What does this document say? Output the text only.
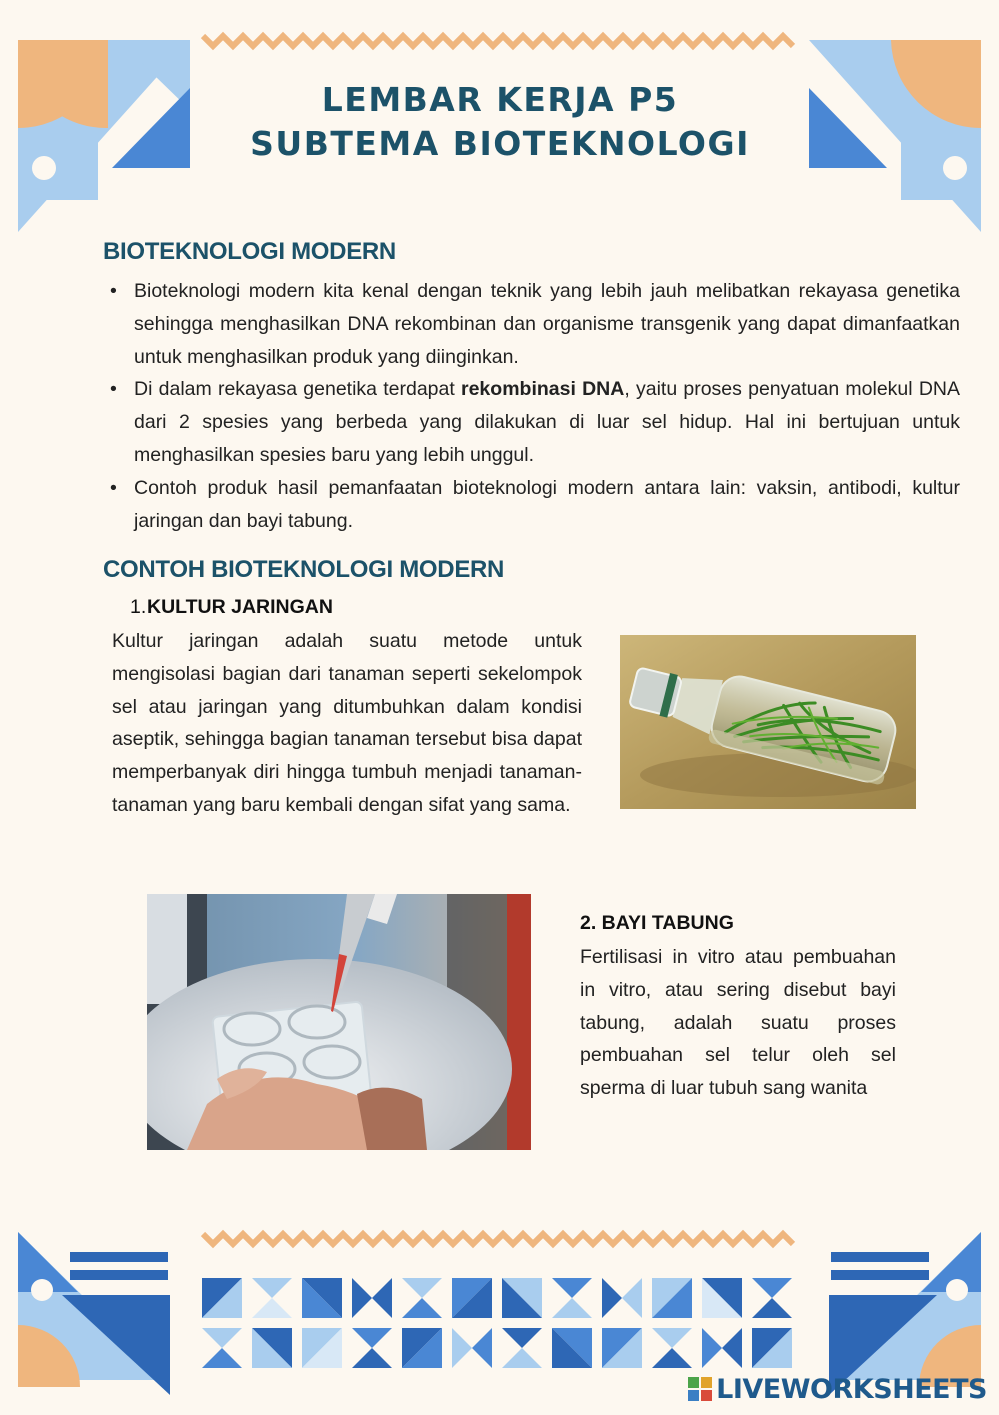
LEMBAR KERJA P5
SUBTEMA BIOTEKNOLOGI
BIOTEKNOLOGI MODERN
• Bioteknologi modern kita kenal dengan teknik yang lebih jauh melibatkan rekayasa genetika sehingga menghasilkan DNA rekombinan dan organisme transgenik yang dapat dimanfaatkan untuk menghasilkan produk yang diinginkan.
• Di dalam rekayasa genetika terdapat rekombinasi DNA, yaitu proses penyatuan molekul DNA dari 2 spesies yang berbeda yang dilakukan di luar sel hidup. Hal ini bertujuan untuk menghasilkan spesies baru yang lebih unggul.
• Contoh produk hasil pemanfaatan bioteknologi modern antara lain: vaksin, antibodi, kultur jaringan dan bayi tabung.
CONTOH BIOTEKNOLOGI MODERN
1. KULTUR JARINGAN

Kultur jaringan adalah suatu metode untuk mengisolasi bagian dari tanaman seperti sekelompok sel atau jaringan yang ditumbuhkan dalam kondisi aseptik, sehingga bagian tanaman tersebut bisa dapat memperbanyak diri hingga tumbuh menjadi tanaman-tanaman yang baru kembali dengan sifat yang sama.

2. BAYI TABUNG

Fertilisasi in vitro atau pembuahan in vitro, atau sering disebut bayi tabung, adalah suatu proses pembuahan sel telur oleh sel sperma di luar tubuh sang wanita

LIVEWORKSHEETS
